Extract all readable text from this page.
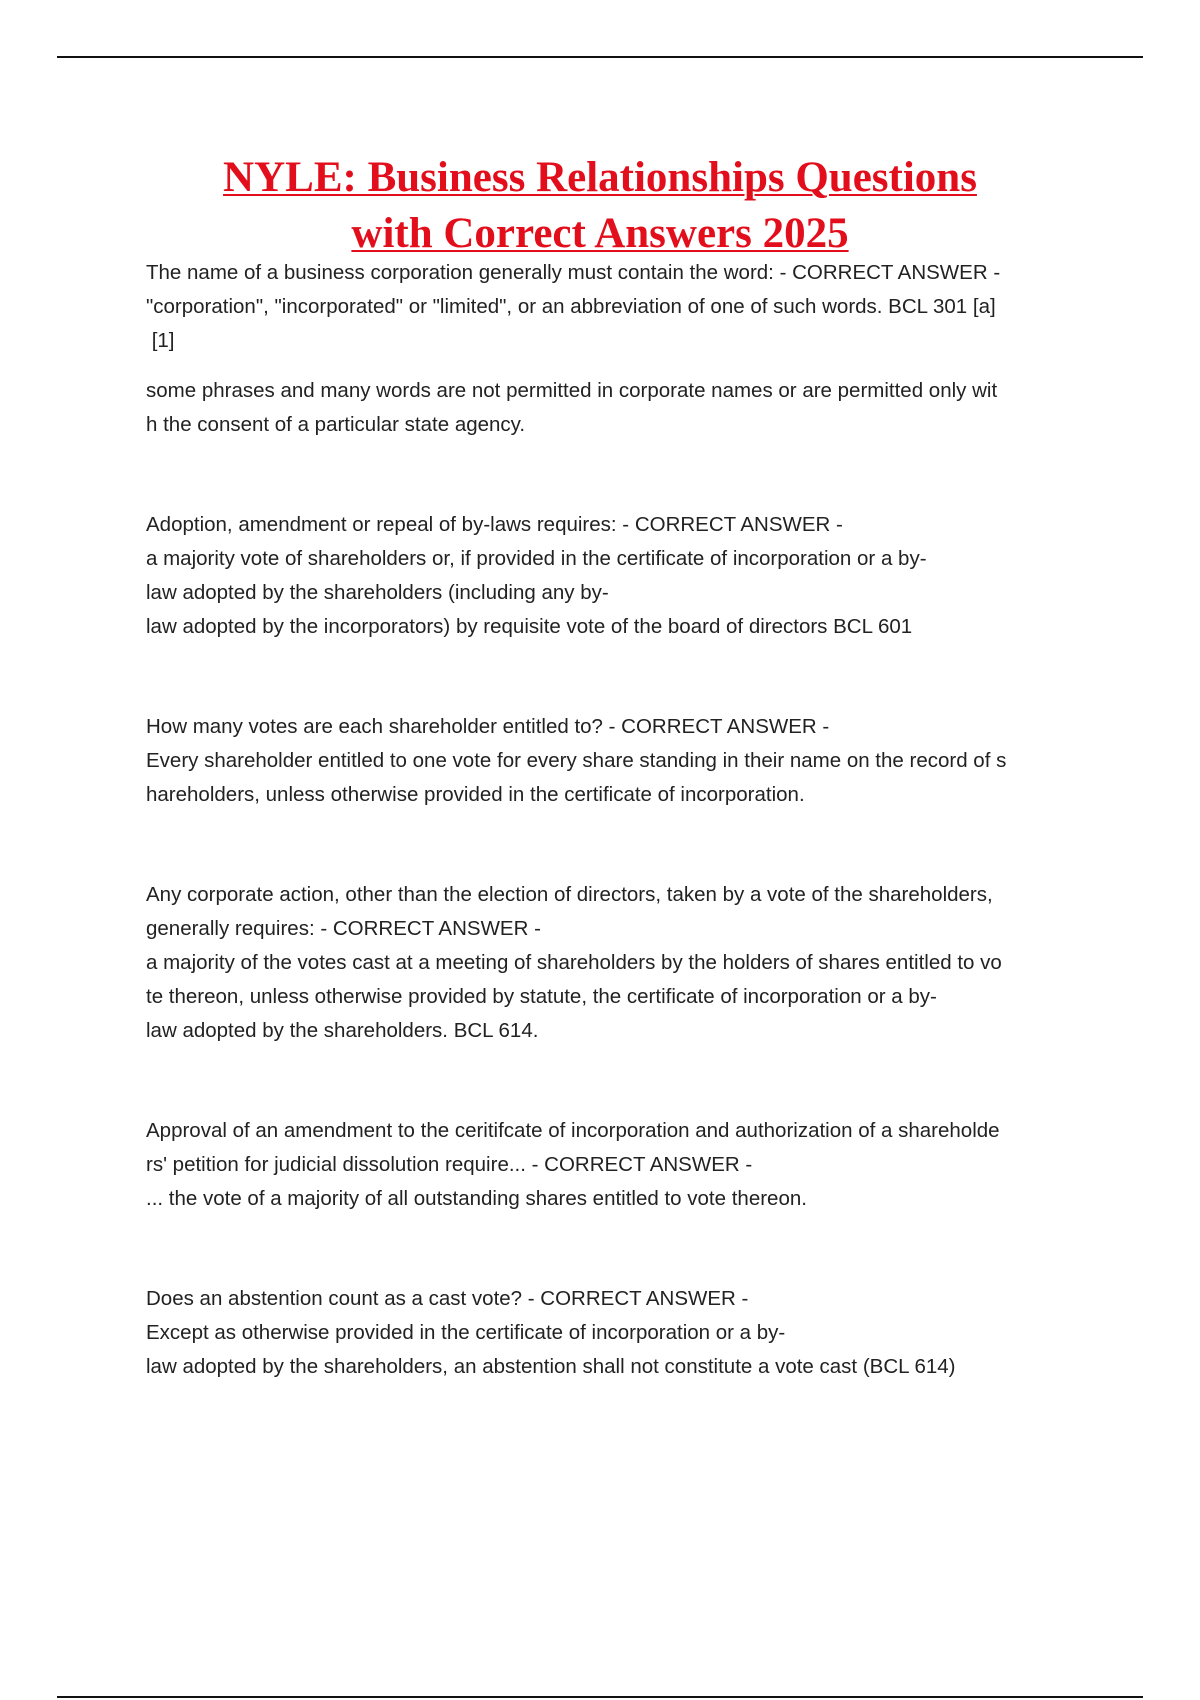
NYLE: Business Relationships Questions
with Correct Answers 2025
The name of a business corporation generally must contain the word: - CORRECT ANSWER -
"corporation", "incorporated" or "limited", or an abbreviation of one of such words. BCL 301 [a]
[1]
some phrases and many words are not permitted in corporate names or are permitted only wit
h the consent of a particular state agency.
Adoption, amendment or repeal of by-laws requires: - CORRECT ANSWER -
a majority vote of shareholders or, if provided in the certificate of incorporation or a by-
law adopted by the shareholders (including any by-
law adopted by the incorporators) by requisite vote of the board of directors BCL 601
How many votes are each shareholder entitled to? - CORRECT ANSWER -
Every shareholder entitled to one vote for every share standing in their name on the record of s
hareholders, unless otherwise provided in the certificate of incorporation.
Any corporate action, other than the election of directors, taken by a vote of the shareholders,
generally requires: - CORRECT ANSWER -
a majority of the votes cast at a meeting of shareholders by the holders of shares entitled to vo
te thereon, unless otherwise provided by statute, the certificate of incorporation or a by-
law adopted by the shareholders. BCL 614.
Approval of an amendment to the ceritifcate of incorporation and authorization of a shareholde
rs' petition for judicial dissolution require... - CORRECT ANSWER -
... the vote of a majority of all outstanding shares entitled to vote thereon.
Does an abstention count as a cast vote? - CORRECT ANSWER -
Except as otherwise provided in the certificate of incorporation or a by-
law adopted by the shareholders, an abstention shall not constitute a vote cast (BCL 614)
